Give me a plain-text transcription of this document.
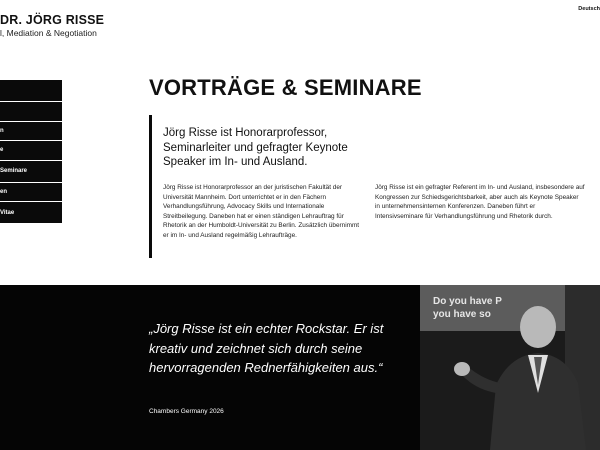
DR. JÖRG RISSE
l, Mediation & Negotiation
Deutsch
n
e
Seminare
en
Vitae
VORTRÄGE & SEMINARE

Jörg Risse ist Honorarprofessor, Seminarleiter und gefragter Keynote Speaker im In- und Ausland.

Jörg Risse ist Honorarprofessor an der juristischen Fakultät der Universität Mannheim. Dort unterrichtet er in den Fächern Verhandlungsführung, Advocacy Skills und Internationale Streitbeilegung. Daneben hat er einen ständigen Lehrauftrag für Rhetorik an der Humboldt-Universität zu Berlin. Zusätzlich übernimmt er im In- und Ausland regelmäßig Lehraufträge.

Jörg Risse ist ein gefragter Referent im In- und Ausland, insbesondere auf Kongressen zur Schiedsgerichtsbarkeit, aber auch als Keynote Speaker in unternehmensinternen Konferenzen. Daneben führt er Intensivseminare für Verhandlungsführung und Rhetorik durch.

„Jörg Risse ist ein echter Rockstar. Er ist kreativ und zeichnet sich durch seine hervorragenden Rednerfähigkeiten aus.“
Chambers Germany 2026
Do you have P
you have so
